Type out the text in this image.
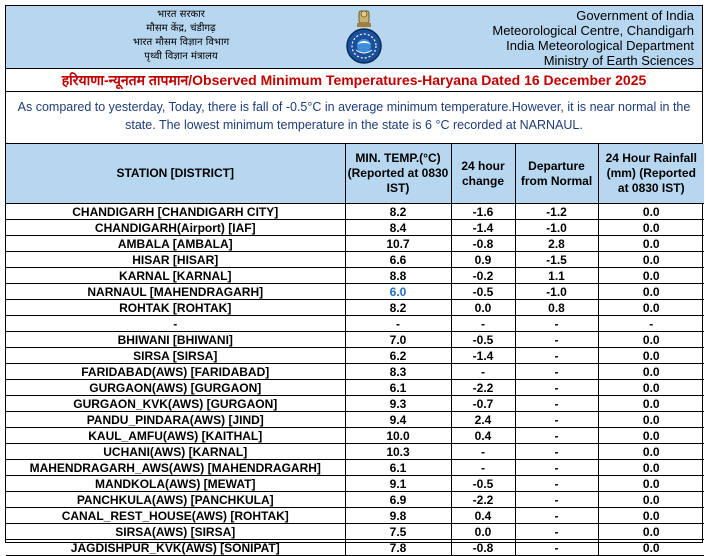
भारत सरकार
मौसम केंद्र, चंडीगढ़
भारत मौसम विज्ञान विभाग
पृथ्वी विज्ञान मंत्रालय
Government of India
Meteorological Centre, Chandigarh
India Meteorological Department
Ministry of Earth Sciences
हरियाणा-न्यूनतम तापमान/Observed Minimum Temperatures-Haryana Dated 16 December 2025
As compared to yesterday, Today, there is fall of -0.5°C in average minimum temperature.However, it is near normal in the state. The lowest minimum temperature in the state is 6 °C recorded at NARNAUL.
STATION [DISTRICT]	MIN. TEMP.(°C) (Reported at 0830 IST)	24 hour change	Departure from Normal	24 Hour Rainfall (mm) (Reported at 0830 IST)
CHANDIGARH [CHANDIGARH CITY]	8.2	-1.6	-1.2	0.0
CHANDIGARH(Airport) [IAF]	8.4	-1.4	-1.0	0.0
AMBALA [AMBALA]	10.7	-0.8	2.8	0.0
HISAR [HISAR]	6.6	0.9	-1.5	0.0
KARNAL [KARNAL]	8.8	-0.2	1.1	0.0
NARNAUL [MAHENDRAGARH]	6.0	-0.5	-1.0	0.0
ROHTAK [ROHTAK]	8.2	0.0	0.8	0.0
-	-	-	-	-
BHIWANI [BHIWANI]	7.0	-0.5	-	0.0
SIRSA [SIRSA]	6.2	-1.4	-	0.0
FARIDABAD(AWS) [FARIDABAD]	8.3	-	-	0.0
GURGAON(AWS) [GURGAON]	6.1	-2.2	-	0.0
GURGAON_KVK(AWS) [GURGAON]	9.3	-0.7	-	0.0
PANDU_PINDARA(AWS) [JIND]	9.4	2.4	-	0.0
KAUL_AMFU(AWS) [KAITHAL]	10.0	0.4	-	0.0
UCHANI(AWS) [KARNAL]	10.3	-	-	0.0
MAHENDRAGARH_AWS(AWS) [MAHENDRAGARH]	6.1	-	-	0.0
MANDKOLA(AWS) [MEWAT]	9.1	-0.5	-	0.0
PANCHKULA(AWS) [PANCHKULA]	6.9	-2.2	-	0.0
CANAL_REST_HOUSE(AWS) [ROHTAK]	9.8	0.4	-	0.0
SIRSA(AWS) [SIRSA]	7.5	0.0	-	0.0
JAGDISHPUR_KVK(AWS) [SONIPAT]	7.8	-0.8	-	0.0
